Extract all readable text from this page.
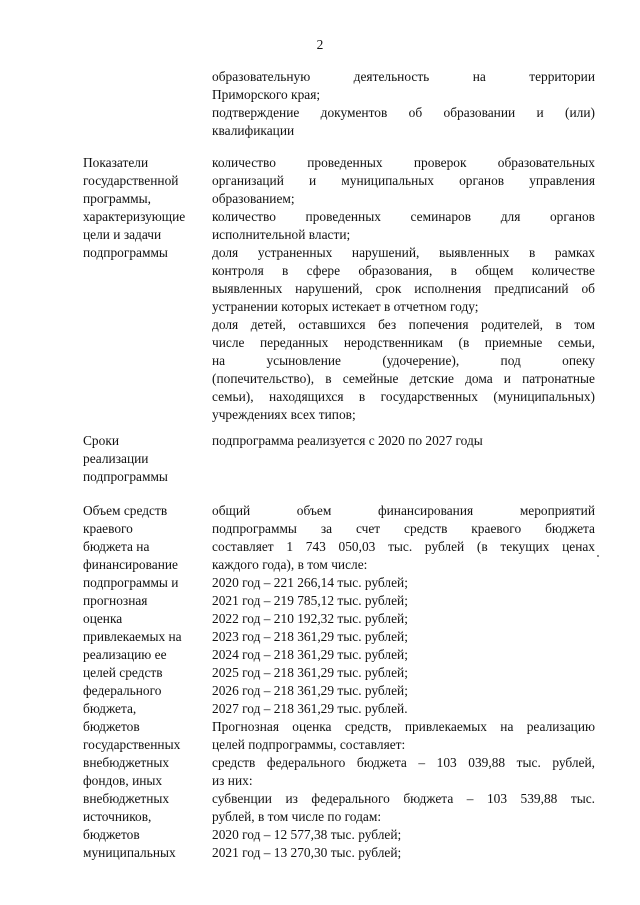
2
Показатели
государственной
программы,
характеризующие
цели и задачи
подпрограммы
образовательную деятельность на территории
Приморского края;
подтверждение документов об образовании и (или)
квалификации
количество проведенных проверок образовательных
организаций и муниципальных органов управления
образованием;
количество проведенных семинаров для органов
исполнительной власти;
доля устраненных нарушений, выявленных в рамках
контроля в сфере образования, в общем количестве
выявленных нарушений, срок исполнения предписаний об
устранении которых истекает в отчетном году;
доля детей, оставшихся без попечения родителей, в том
числе переданных неродственникам (в приемные семьи,
на усыновление (удочерение), под опеку
(попечительство), в семейные детские дома и патронатные
семьи), находящихся в государственных (муниципальных)
учреждениях всех типов;
Сроки
реализации
подпрограммы
подпрограмма реализуется с 2020 по 2027 годы
Объем средств
краевого
бюджета на
финансирование
подпрограммы и
прогнозная
оценка
привлекаемых на
реализацию ее
целей средств
федерального
бюджета,
бюджетов
государственных
внебюджетных
фондов, иных
внебюджетных
источников,
бюджетов
муниципальных
общий объем финансирования мероприятий
подпрограммы за счет средств краевого бюджета
составляет 1 743 050,03 тыс. рублей (в текущих ценах
каждого года), в том числе:
2020 год – 221 266,14 тыс. рублей;
2021 год – 219 785,12 тыс. рублей;
2022 год – 210 192,32 тыс. рублей;
2023 год – 218 361,29 тыс. рублей;
2024 год – 218 361,29 тыс. рублей;
2025 год – 218 361,29 тыс. рублей;
2026 год – 218 361,29 тыс. рублей;
2027 год – 218 361,29 тыс. рублей.
Прогнозная оценка средств, привлекаемых на реализацию
целей подпрограммы, составляет:
средств федерального бюджета – 103 039,88 тыс. рублей,
из них:
субвенции из федерального бюджета – 103 539,88 тыс.
рублей, в том числе по годам:
2020 год – 12 577,38 тыс. рублей;
2021 год – 13 270,30 тыс. рублей;
